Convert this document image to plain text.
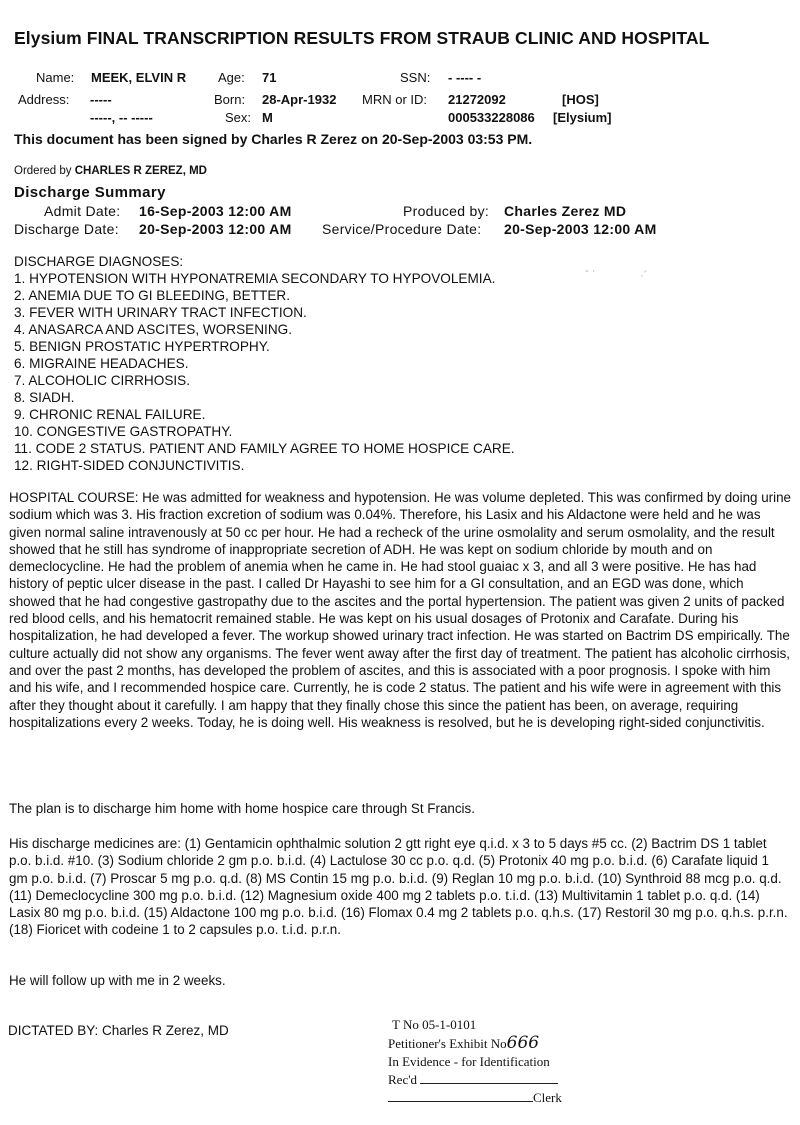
Elysium FINAL TRANSCRIPTION RESULTS FROM STRAUB CLINIC AND HOSPITAL
Name: MEEK, ELVIN R Age: 71	SSN: - ---- -
Address: -----	Born: 28-Apr-1932 MRN or ID: 21272092	[HOS]
-----, -- -----	Sex: M	000533228086 [Elysium]
This document has been signed by Charles R Zerez on 20-Sep-2003 03:53 PM.
Ordered by CHARLES R ZEREZ, MD
Discharge Summary
Admit Date: 16-Sep-2003 12:00 AM	Produced by: Charles Zerez MD
Discharge Date: 20-Sep-2003 12:00 AM Service/Procedure Date: 20-Sep-2003 12:00 AM
DISCHARGE DIAGNOSES:
1. HYPOTENSION WITH HYPONATREMIA SECONDARY TO HYPOVOLEMIA.
2. ANEMIA DUE TO GI BLEEDING, BETTER.
3. FEVER WITH URINARY TRACT INFECTION.
4. ANASARCA AND ASCITES, WORSENING.
5. BENIGN PROSTATIC HYPERTROPHY.
6. MIGRAINE HEADACHES.
7. ALCOHOLIC CIRRHOSIS.
8. SIADH.
9. CHRONIC RENAL FAILURE.
10. CONGESTIVE GASTROPATHY.
11. CODE 2 STATUS. PATIENT AND FAMILY AGREE TO HOME HOSPICE CARE.
12. RIGHT-SIDED CONJUNCTIVITIS.
- ·	·´

HOSPITAL COURSE: He was admitted for weakness and hypotension. He was volume depleted. This was confirmed by doing urine sodium which was 3. His fraction excretion of sodium was 0.04%. Therefore, his Lasix and his Aldactone were held and he was given normal saline intravenously at 50 cc per hour. He had a recheck of the urine osmolality and serum osmolality, and the result showed that he still has syndrome of inappropriate secretion of ADH. He was kept on sodium chloride by mouth and on demeclocycline. He had the problem of anemia when he came in. He had stool guaiac x 3, and all 3 were positive. He has had history of peptic ulcer disease in the past. I called Dr Hayashi to see him for a GI consultation, and an EGD was done, which showed that he had congestive gastropathy due to the ascites and the portal hypertension. The patient was given 2 units of packed red blood cells, and his hematocrit remained stable. He was kept on his usual dosages of Protonix and Carafate. During his hospitalization, he had developed a fever. The workup showed urinary tract infection. He was started on Bactrim DS empirically. The culture actually did not show any organisms. The fever went away after the first day of treatment. The patient has alcoholic cirrhosis, and over the past 2 months, has developed the problem of ascites, and this is associated with a poor prognosis. I spoke with him and his wife, and I recommended hospice care. Currently, he is code 2 status. The patient and his wife were in agreement with this after they thought about it carefully. I am happy that they finally chose this since the patient has been, on average, requiring hospitalizations every 2 weeks. Today, he is doing well. His weakness is resolved, but he is developing right-sided conjunctivitis.

The plan is to discharge him home with home hospice care through St Francis.

His discharge medicines are: (1) Gentamicin ophthalmic solution 2 gtt right eye q.i.d. x 3 to 5 days #5 cc. (2) Bactrim DS 1 tablet p.o. b.i.d. #10. (3) Sodium chloride 2 gm p.o. b.i.d. (4) Lactulose 30 cc p.o. q.d. (5) Protonix 40 mg p.o. b.i.d. (6) Carafate liquid 1 gm p.o. b.i.d. (7) Proscar 5 mg p.o. q.d. (8) MS Contin 15 mg p.o. b.i.d. (9) Reglan 10 mg p.o. b.i.d. (10) Synthroid 88 mcg p.o. q.d. (11) Demeclocycline 300 mg p.o. b.i.d. (12) Magnesium oxide 400 mg 2 tablets p.o. t.i.d. (13) Multivitamin 1 tablet p.o. q.d. (14) Lasix 80 mg p.o. b.i.d. (15) Aldactone 100 mg p.o. b.i.d. (16) Flomax 0.4 mg 2 tablets p.o. q.h.s. (17) Restoril 30 mg p.o. q.h.s. p.r.n. (18) Fioricet with codeine 1 to 2 capsules p.o. t.i.d. p.r.n.

He will follow up with me in 2 weeks.

DICTATED BY: Charles R Zerez, MD	T No 05-1-0101
Petitioner's Exhibit No666
In Evidence - for Identification
Rec'd
Clerk
